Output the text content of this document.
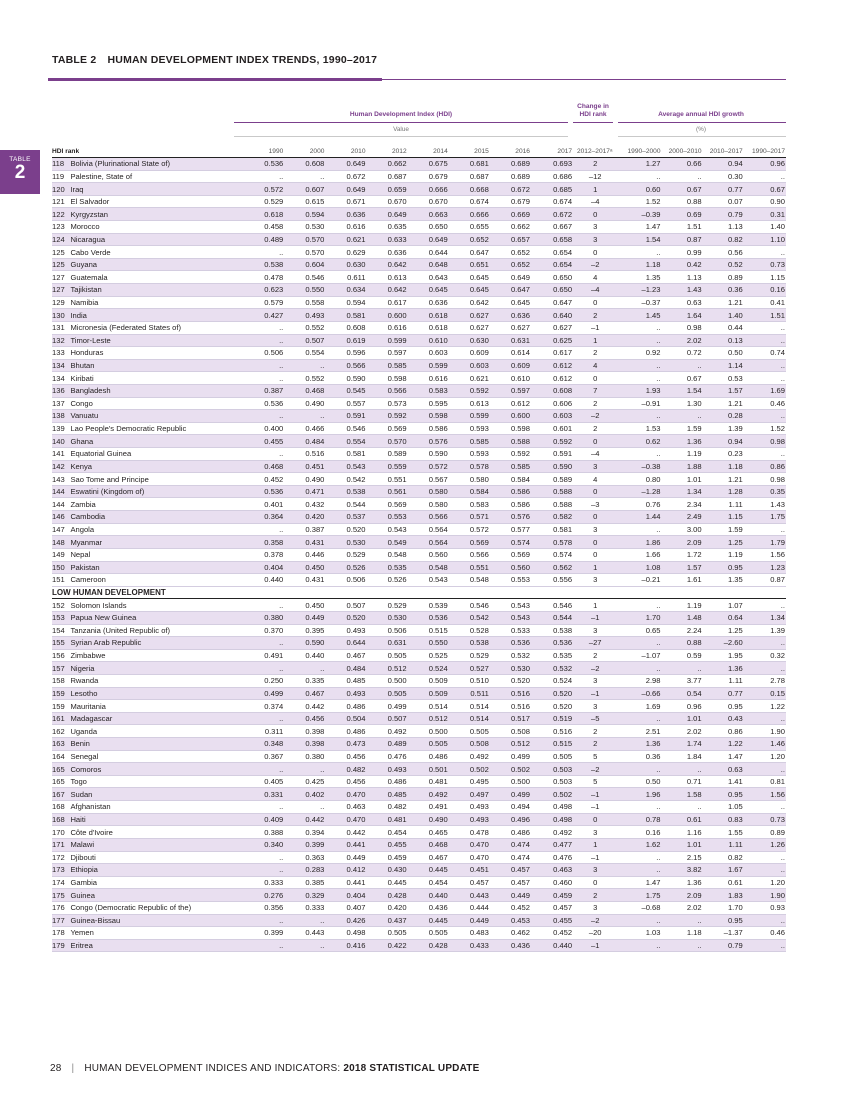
TABLE 2 HUMAN DEVELOPMENT INDEX TRENDS, 1990–2017
TABLE
2
Human Development Index (HDI)
Change in HDI rank	Average annual HDI growth
Value	(%)
HDI rank		1990	2000	2010	2012	2014	2015	2016	2017	2012–2017ᵃ	1990–2000	2000–2010	2010–2017	1990–2017
118	Bolivia (Plurinational State of)	0.536	0.608	0.649	0.662	0.675	0.681	0.689	0.693	2	1.27	0.66	0.94	0.96
119	Palestine, State of	..	..	0.672	0.687	0.679	0.687	0.689	0.686	–12	..	..	0.30	..
120	Iraq	0.572	0.607	0.649	0.659	0.666	0.668	0.672	0.685	1	0.60	0.67	0.77	0.67
121	El Salvador	0.529	0.615	0.671	0.670	0.670	0.674	0.679	0.674	–4	1.52	0.88	0.07	0.90
122	Kyrgyzstan	0.618	0.594	0.636	0.649	0.663	0.666	0.669	0.672	0	–0.39	0.69	0.79	0.31
123	Morocco	0.458	0.530	0.616	0.635	0.650	0.655	0.662	0.667	3	1.47	1.51	1.13	1.40
124	Nicaragua	0.489	0.570	0.621	0.633	0.649	0.652	0.657	0.658	3	1.54	0.87	0.82	1.10
125	Cabo Verde	..	0.570	0.629	0.636	0.644	0.647	0.652	0.654	0	..	0.99	0.56	..
125	Guyana	0.538	0.604	0.630	0.642	0.648	0.651	0.652	0.654	–2	1.18	0.42	0.52	0.73
127	Guatemala	0.478	0.546	0.611	0.613	0.643	0.645	0.649	0.650	4	1.35	1.13	0.89	1.15
127	Tajikistan	0.623	0.550	0.634	0.642	0.645	0.645	0.647	0.650	–4	–1.23	1.43	0.36	0.16
129	Namibia	0.579	0.558	0.594	0.617	0.636	0.642	0.645	0.647	0	–0.37	0.63	1.21	0.41
130	India	0.427	0.493	0.581	0.600	0.618	0.627	0.636	0.640	2	1.45	1.64	1.40	1.51
131	Micronesia (Federated States of)	..	0.552	0.608	0.616	0.618	0.627	0.627	0.627	–1	..	0.98	0.44	..
132	Timor-Leste	..	0.507	0.619	0.599	0.610	0.630	0.631	0.625	1	..	2.02	0.13	..
133	Honduras	0.506	0.554	0.596	0.597	0.603	0.609	0.614	0.617	2	0.92	0.72	0.50	0.74
134	Bhutan	..	..	0.566	0.585	0.599	0.603	0.609	0.612	4	..	..	1.14	..
134	Kiribati	..	0.552	0.590	0.598	0.616	0.621	0.610	0.612	0	..	0.67	0.53	..
136	Bangladesh	0.387	0.468	0.545	0.566	0.583	0.592	0.597	0.608	7	1.93	1.54	1.57	1.69
137	Congo	0.536	0.490	0.557	0.573	0.595	0.613	0.612	0.606	2	–0.91	1.30	1.21	0.46
138	Vanuatu	..	..	0.591	0.592	0.598	0.599	0.600	0.603	–2	..	..	0.28	..
139	Lao People's Democratic Republic	0.400	0.466	0.546	0.569	0.586	0.593	0.598	0.601	2	1.53	1.59	1.39	1.52
140	Ghana	0.455	0.484	0.554	0.570	0.576	0.585	0.588	0.592	0	0.62	1.36	0.94	0.98
141	Equatorial Guinea	..	0.516	0.581	0.589	0.590	0.593	0.592	0.591	–4	..	1.19	0.23	..
142	Kenya	0.468	0.451	0.543	0.559	0.572	0.578	0.585	0.590	3	–0.38	1.88	1.18	0.86
143	Sao Tome and Principe	0.452	0.490	0.542	0.551	0.567	0.580	0.584	0.589	4	0.80	1.01	1.21	0.98
144	Eswatini (Kingdom of)	0.536	0.471	0.538	0.561	0.580	0.584	0.586	0.588	0	–1.28	1.34	1.28	0.35
144	Zambia	0.401	0.432	0.544	0.569	0.580	0.583	0.586	0.588	–3	0.76	2.34	1.11	1.43
146	Cambodia	0.364	0.420	0.537	0.553	0.566	0.571	0.576	0.582	0	1.44	2.49	1.15	1.75
147	Angola	..	0.387	0.520	0.543	0.564	0.572	0.577	0.581	3	..	3.00	1.59	..
148	Myanmar	0.358	0.431	0.530	0.549	0.564	0.569	0.574	0.578	0	1.86	2.09	1.25	1.79
149	Nepal	0.378	0.446	0.529	0.548	0.560	0.566	0.569	0.574	0	1.66	1.72	1.19	1.56
150	Pakistan	0.404	0.450	0.526	0.535	0.548	0.551	0.560	0.562	1	1.08	1.57	0.95	1.23
151	Cameroon	0.440	0.431	0.506	0.526	0.543	0.548	0.553	0.556	3	–0.21	1.61	1.35	0.87
LOW HUMAN DEVELOPMENT														
152	Solomon Islands	..	0.450	0.507	0.529	0.539	0.546	0.543	0.546	1	..	1.19	1.07	..
153	Papua New Guinea	0.380	0.449	0.520	0.530	0.536	0.542	0.543	0.544	–1	1.70	1.48	0.64	1.34
154	Tanzania (United Republic of)	0.370	0.395	0.493	0.506	0.515	0.528	0.533	0.538	3	0.65	2.24	1.25	1.39
155	Syrian Arab Republic	..	0.590	0.644	0.631	0.550	0.538	0.536	0.536	–27	..	0.88	–2.60	..
156	Zimbabwe	0.491	0.440	0.467	0.505	0.525	0.529	0.532	0.535	2	–1.07	0.59	1.95	0.32
157	Nigeria	..	..	0.484	0.512	0.524	0.527	0.530	0.532	–2	..	..	1.36	..
158	Rwanda	0.250	0.335	0.485	0.500	0.509	0.510	0.520	0.524	3	2.98	3.77	1.11	2.78
159	Lesotho	0.499	0.467	0.493	0.505	0.509	0.511	0.516	0.520	–1	–0.66	0.54	0.77	0.15
159	Mauritania	0.374	0.442	0.486	0.499	0.514	0.514	0.516	0.520	3	1.69	0.96	0.95	1.22
161	Madagascar	..	0.456	0.504	0.507	0.512	0.514	0.517	0.519	–5	..	1.01	0.43	..
162	Uganda	0.311	0.398	0.486	0.492	0.500	0.505	0.508	0.516	2	2.51	2.02	0.86	1.90
163	Benin	0.348	0.398	0.473	0.489	0.505	0.508	0.512	0.515	2	1.36	1.74	1.22	1.46
164	Senegal	0.367	0.380	0.456	0.476	0.486	0.492	0.499	0.505	5	0.36	1.84	1.47	1.20
165	Comoros	..	..	0.482	0.493	0.501	0.502	0.502	0.503	–2	..	..	0.63	..
165	Togo	0.405	0.425	0.456	0.486	0.481	0.495	0.500	0.503	5	0.50	0.71	1.41	0.81
167	Sudan	0.331	0.402	0.470	0.485	0.492	0.497	0.499	0.502	–1	1.96	1.58	0.95	1.56
168	Afghanistan	..	..	0.463	0.482	0.491	0.493	0.494	0.498	–1	..	..	1.05	..
168	Haiti	0.409	0.442	0.470	0.481	0.490	0.493	0.496	0.498	0	0.78	0.61	0.83	0.73
170	Côte d'Ivoire	0.388	0.394	0.442	0.454	0.465	0.478	0.486	0.492	3	0.16	1.16	1.55	0.89
171	Malawi	0.340	0.399	0.441	0.455	0.468	0.470	0.474	0.477	1	1.62	1.01	1.11	1.26
172	Djibouti	..	0.363	0.449	0.459	0.467	0.470	0.474	0.476	–1	..	2.15	0.82	..
173	Ethiopia	..	0.283	0.412	0.430	0.445	0.451	0.457	0.463	3	..	3.82	1.67	..
174	Gambia	0.333	0.385	0.441	0.445	0.454	0.457	0.457	0.460	0	1.47	1.36	0.61	1.20
175	Guinea	0.276	0.329	0.404	0.428	0.440	0.443	0.449	0.459	2	1.75	2.09	1.83	1.90
176	Congo (Democratic Republic of the)	0.356	0.333	0.407	0.420	0.436	0.444	0.452	0.457	3	–0.68	2.02	1.70	0.93
177	Guinea-Bissau	..	..	0.426	0.437	0.445	0.449	0.453	0.455	–2	..	..	0.95	..
178	Yemen	0.399	0.443	0.498	0.505	0.505	0.483	0.462	0.452	–20	1.03	1.18	–1.37	0.46
179	Eritrea	..	..	0.416	0.422	0.428	0.433	0.436	0.440	–1	..	..	0.79	..
28 | HUMAN DEVELOPMENT INDICES AND INDICATORS: 2018 STATISTICAL UPDATE
